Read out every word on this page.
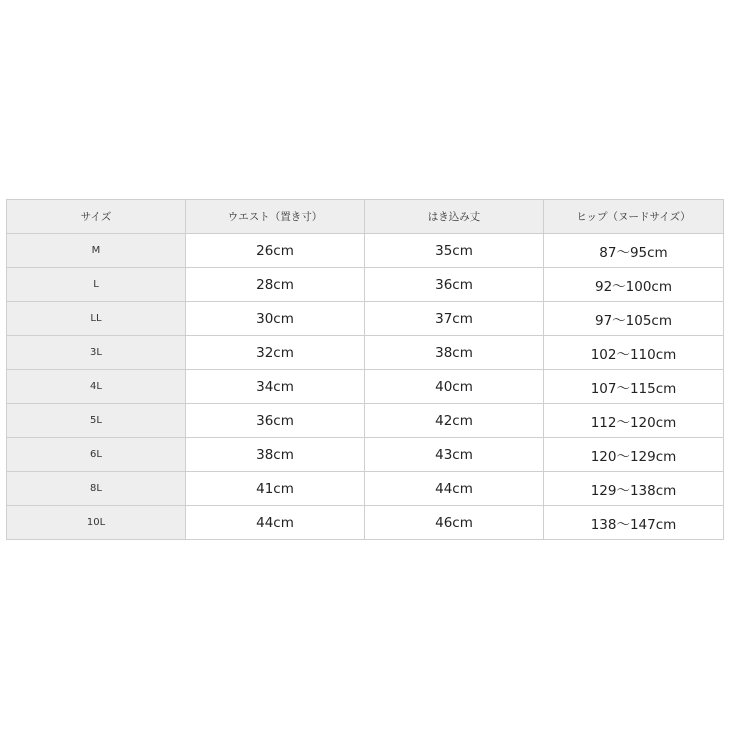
サイズ	ウエスト（置き寸）	はき込み丈	ヒップ（ヌードサイズ）
M	26cm	35cm	87～95cm
L	28cm	36cm	92～100cm
LL	30cm	37cm	97～105cm
3L	32cm	38cm	102～110cm
4L	34cm	40cm	107～115cm
5L	36cm	42cm	112～120cm
6L	38cm	43cm	120～129cm
8L	41cm	44cm	129～138cm
10L	44cm	46cm	138～147cm
